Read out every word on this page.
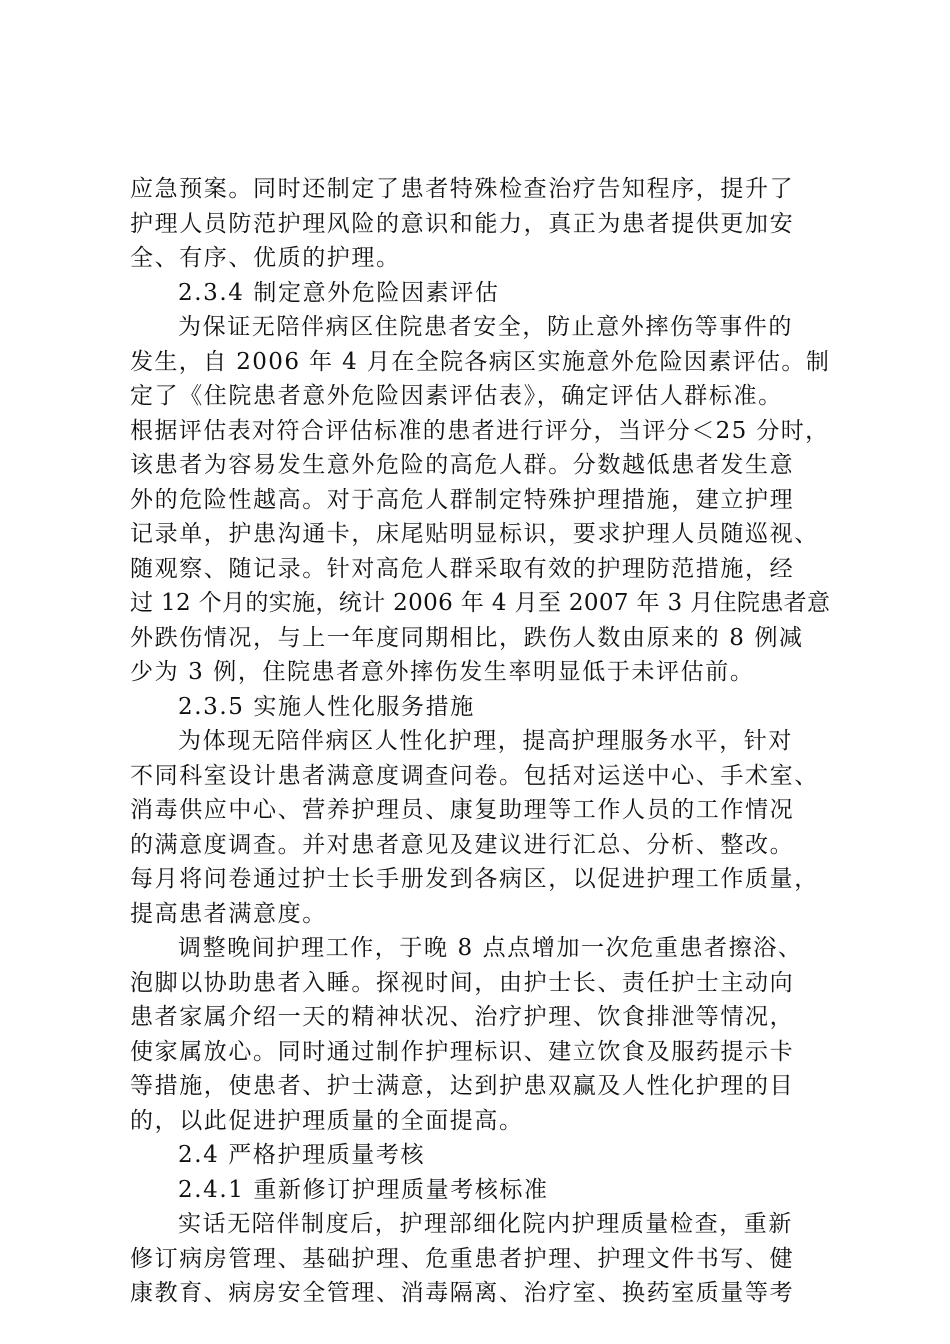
应急预案。同时还制定了患者特殊检查治疗告知程序，提升了
护理人员防范护理风险的意识和能力，真正为患者提供更加安
全、有序、优质的护理。
2.3.4 制定意外危险因素评估
为保证无陪伴病区住院患者安全，防止意外摔伤等事件的
发生，自 2006 年 4 月在全院各病区实施意外危险因素评估。制
定了《住院患者意外危险因素评估表》，确定评估人群标准。
根据评估表对符合评估标准的患者进行评分，当评分＜25 分时，
该患者为容易发生意外危险的高危人群。分数越低患者发生意
外的危险性越高。对于高危人群制定特殊护理措施，建立护理
记录单，护患沟通卡，床尾贴明显标识，要求护理人员随巡视、
随观察、随记录。针对高危人群采取有效的护理防范措施，经
过 12 个月的实施，统计 2006 年 4 月至 2007 年 3 月住院患者意
外跌伤情况，与上一年度同期相比，跌伤人数由原来的 8 例减
少为 3 例，住院患者意外摔伤发生率明显低于未评估前。
2.3.5 实施人性化服务措施
为体现无陪伴病区人性化护理，提高护理服务水平，针对
不同科室设计患者满意度调查问卷。包括对运送中心、手术室、
消毒供应中心、营养护理员、康复助理等工作人员的工作情况
的满意度调查。并对患者意见及建议进行汇总、分析、整改。
每月将问卷通过护士长手册发到各病区，以促进护理工作质量，
提高患者满意度。
调整晚间护理工作，于晚 8 点点增加一次危重患者擦浴、
泡脚以协助患者入睡。探视时间，由护士长、责任护士主动向
患者家属介绍一天的精神状况、治疗护理、饮食排泄等情况，
使家属放心。同时通过制作护理标识、建立饮食及服药提示卡
等措施，使患者、护士满意，达到护患双赢及人性化护理的目
的，以此促进护理质量的全面提高。
2.4 严格护理质量考核
2.4.1 重新修订护理质量考核标准
实话无陪伴制度后，护理部细化院内护理质量检查，重新
修订病房管理、基础护理、危重患者护理、护理文件书写、健
康教育、病房安全管理、消毒隔离、治疗室、换药室质量等考
